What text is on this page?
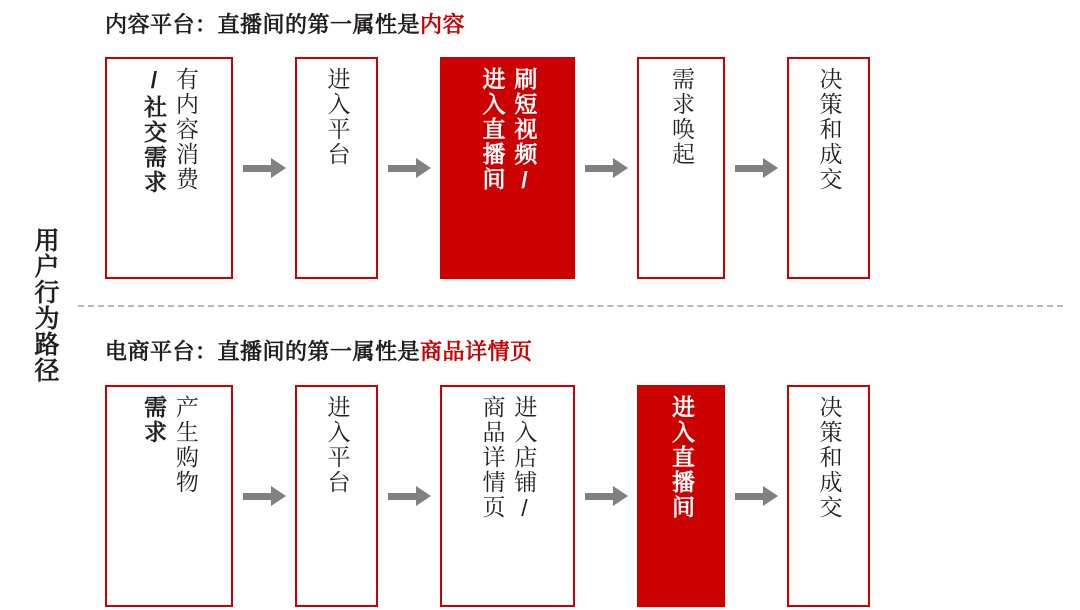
用户行为路径
内容平台：直播间的第一属性是内容
有内容消费
/社交需求	进入平台	刷短视频/
进入直播间	需求唤起	决策和成交
电商平台：直播间的第一属性是商品详情页
产生购物
需求	进入平台	进入店铺/
商品详情页	进入直播间	决策和成交
